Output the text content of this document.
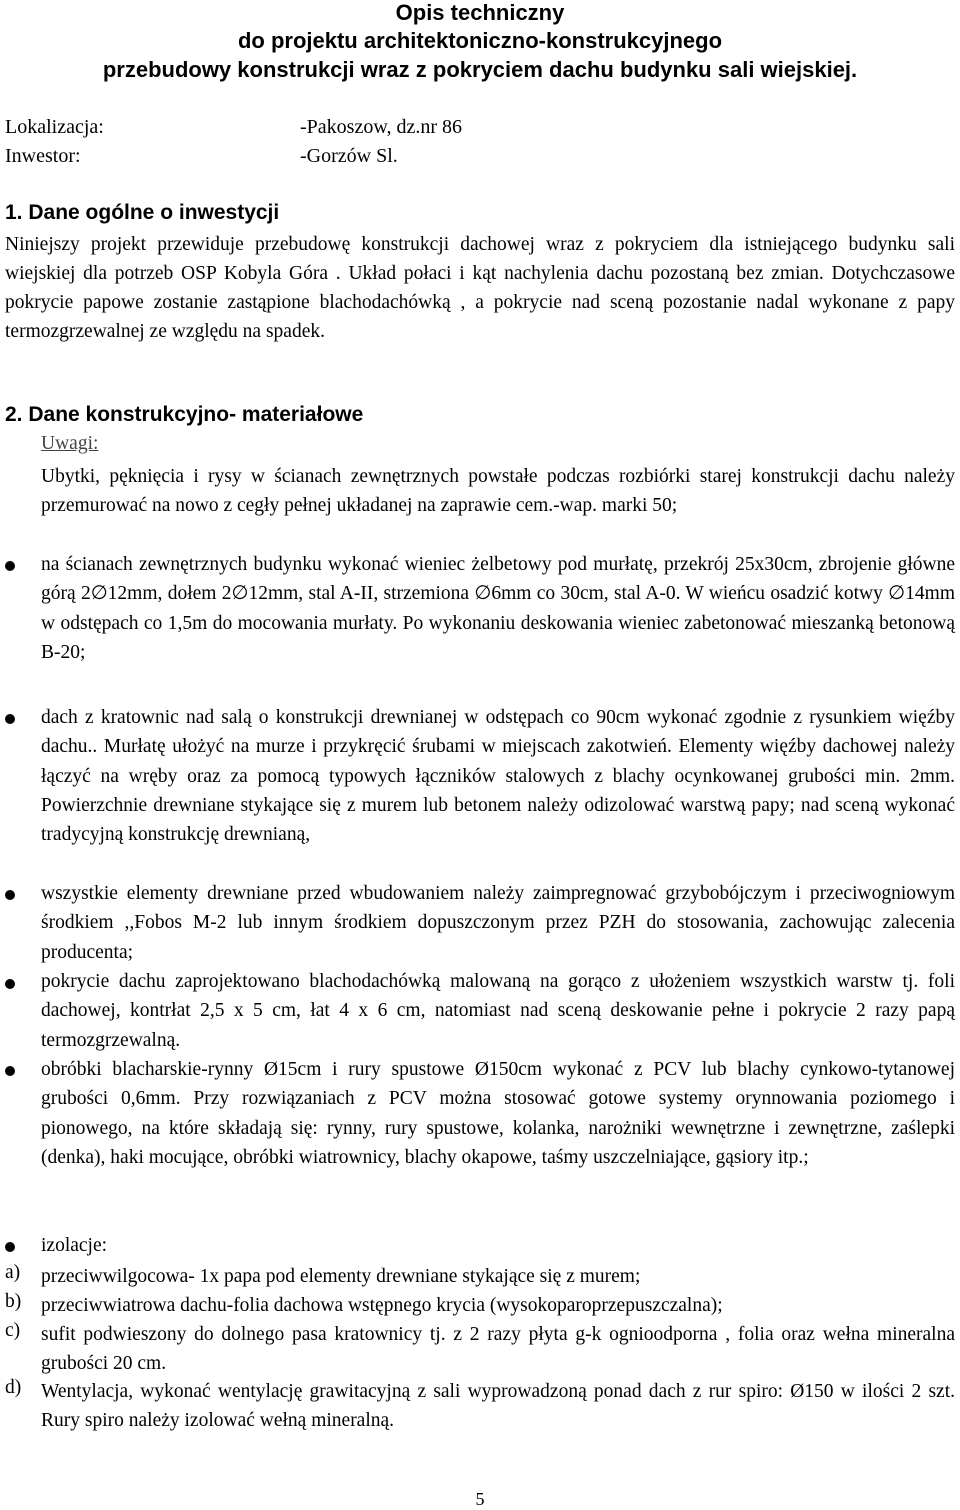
Opis techniczny
do projektu architektoniczno-konstrukcyjnego
przebudowy konstrukcji wraz z pokryciem dachu budynku sali wiejskiej.
Lokalizacja:	-Pakoszow, dz.nr 86
Inwestor:	-Gorzów Sl.
1. Dane ogólne o inwestycji
Niniejszy projekt przewiduje przebudowę konstrukcji dachowej wraz z pokryciem dla istniejącego budynku sali wiejskiej dla potrzeb OSP Kobyla Góra . Układ połaci i kąt nachylenia dachu pozostaną bez zmian. Dotychczasowe pokrycie papowe zostanie zastąpione blachodachówką , a pokrycie nad sceną pozostanie nadal wykonane z papy termozgrzewalnej ze względu na spadek.
2. Dane konstrukcyjno- materiałowe
Uwagi:
Ubytki, pęknięcia i rysy w ścianach zewnętrznych powstałe podczas rozbiórki starej konstrukcji dachu należy przemurować na nowo z cegły pełnej układanej na zaprawie cem.-wap. marki 50;
na ścianach zewnętrznych budynku wykonać wieniec żelbetowy pod murłatę, przekrój 25x30cm, zbrojenie główne górą 2∅12mm, dołem 2∅12mm, stal A-II, strzemiona ∅6mm co 30cm, stal A-0. W wieńcu osadzić kotwy ∅14mm w odstępach co 1,5m do mocowania murłaty. Po wykonaniu deskowania wieniec zabetonować mieszanką betonową B-20;
dach z kratownic nad salą o konstrukcji drewnianej w odstępach co 90cm wykonać zgodnie z rysunkiem więźby dachu.. Murłatę ułożyć na murze i przykręcić śrubami w miejscach zakotwień. Elementy więźby dachowej należy łączyć na wręby oraz za pomocą typowych łączników stalowych z blachy ocynkowanej grubości min. 2mm. Powierzchnie drewniane stykające się z murem lub betonem należy odizolować warstwą papy; nad sceną wykonać tradycyjną konstrukcję drewnianą,
wszystkie elementy drewniane przed wbudowaniem należy zaimpregnować grzybobójczym i przeciwogniowym środkiem ,,Fobos M-2 lub innym środkiem dopuszczonym przez PZH do stosowania, zachowując zalecenia producenta;
pokrycie dachu zaprojektowano blachodachówką malowaną na gorąco z ułożeniem wszystkich warstw tj. foli dachowej, kontrłat 2,5 x 5 cm, łat 4 x 6 cm, natomiast nad sceną deskowanie pełne i pokrycie 2 razy papą termozgrzewalną.
obróbki blacharskie-rynny Ø15cm i rury spustowe Ø150cm wykonać z PCV lub blachy cynkowo-tytanowej grubości 0,6mm. Przy rozwiązaniach z PCV można stosować gotowe systemy orynnowania poziomego i pionowego, na które składają się: rynny, rury spustowe, kolanka, narożniki wewnętrzne i zewnętrzne, zaślepki (denka), haki mocujące, obróbki wiatrownicy, blachy okapowe, taśmy uszczelniające, gąsiory itp.;
izolacje:
a) przeciwwilgocowa- 1x papa pod elementy drewniane stykające się z murem;
b) przeciwwiatrowa dachu-folia dachowa wstępnego krycia (wysokoparoprzepuszczalna);
c) sufit podwieszony do dolnego pasa kratownicy tj. z 2 razy płyta g-k ognioodporna , folia oraz wełna mineralna grubości 20 cm.
d) Wentylacja, wykonać wentylację grawitacyjną z sali wyprowadzoną ponad dach z rur spiro: Ø150 w ilości 2 szt. Rury spiro należy izolować wełną mineralną.
5
